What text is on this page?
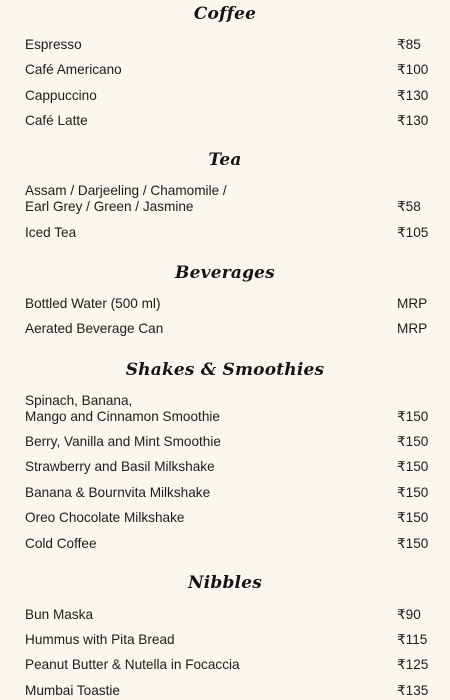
Coffee
Espresso	₹85
Café Americano	₹100
Cappuccino	₹130
Café Latte	₹130
Tea
Assam / Darjeeling / Chamomile /
Earl Grey / Green / Jasmine	₹58
Iced Tea	₹105
Beverages
Bottled Water (500 ml)	MRP
Aerated Beverage Can	MRP
Shakes & Smoothies
Spinach, Banana,
Mango and Cinnamon Smoothie	₹150
Berry, Vanilla and Mint Smoothie	₹150
Strawberry and Basil Milkshake	₹150
Banana & Bournvita Milkshake	₹150
Oreo Chocolate Milkshake	₹150
Cold Coffee	₹150
Nibbles
Bun Maska	₹90
Hummus with Pita Bread	₹115
Peanut Butter & Nutella in Focaccia	₹125
Mumbai Toastie	₹135
